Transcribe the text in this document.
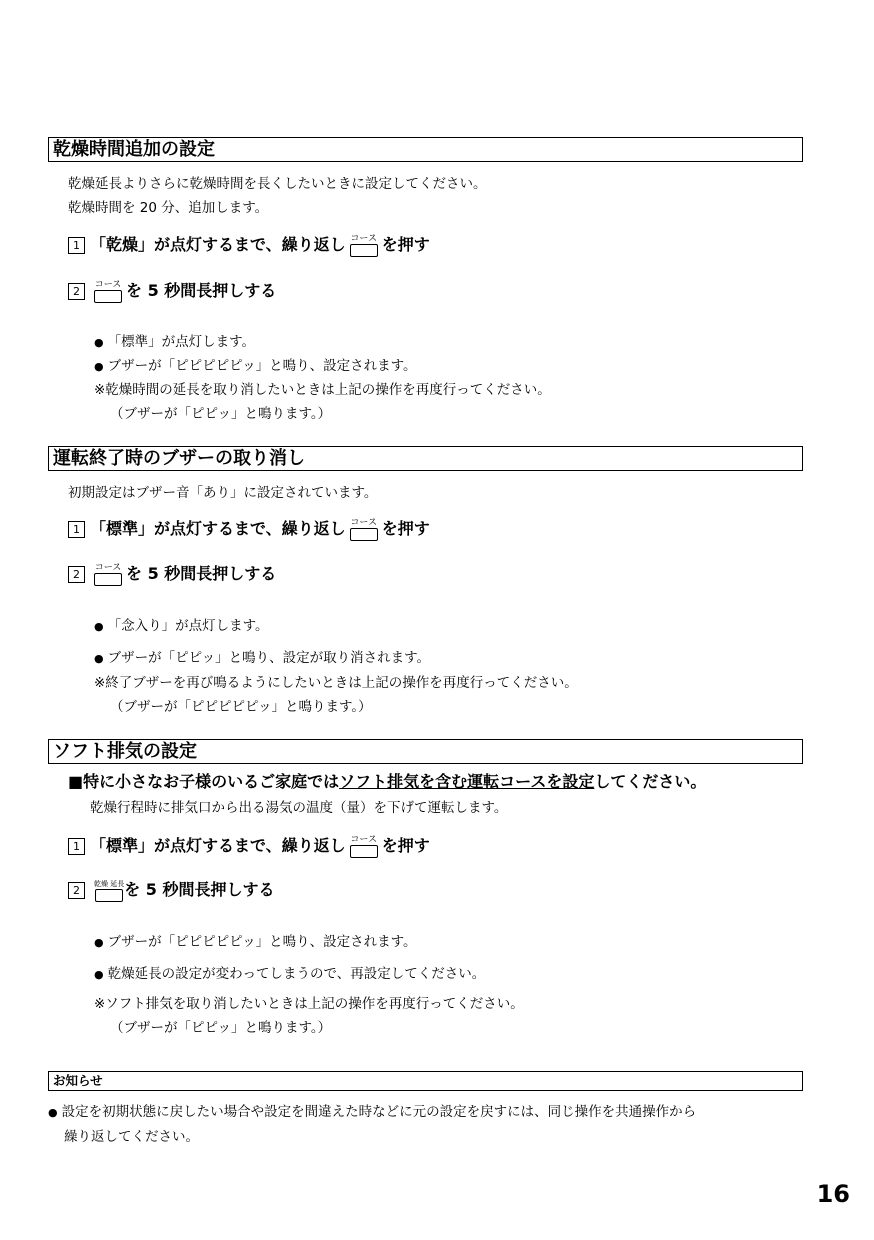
乾燥時間追加の設定
乾燥延長よりさらに乾燥時間を長くしたいときに設定してください。
乾燥時間を 20 分、追加します。
1 「乾燥」が点灯するまで、繰り返し コース を押す
2	コース を 5 秒間長押しする
● 「標準」が点灯します。
● ブザーが「ピピピピピッ」と鳴り、設定されます。
※乾燥時間の延長を取り消したいときは上記の操作を再度行ってください。
（ブザーが「ピピッ」と鳴ります。）
運転終了時のブザーの取り消し
初期設定はブザー音「あり」に設定されています。
1 「標準」が点灯するまで、繰り返し コース を押す
2	コース を 5 秒間長押しする
● 「念入り」が点灯します。
● ブザーが「ピピッ」と鳴り、設定が取り消されます。
※終了ブザーを再び鳴るようにしたいときは上記の操作を再度行ってください。
（ブザーが「ピピピピピッ」と鳴ります。）
ソフト排気の設定
■特に小さなお子様のいるご家庭ではソフト排気を含む運転コースを設定してください。
乾燥行程時に排気口から出る湯気の温度（量）を下げて運転します。
1 「標準」が点灯するまで、繰り返し コース を押す
2	乾燥 延長 を 5 秒間長押しする
● ブザーが「ピピピピピッ」と鳴り、設定されます。
● 乾燥延長の設定が変わってしまうので、再設定してください。
※ソフト排気を取り消したいときは上記の操作を再度行ってください。
（ブザーが「ピピッ」と鳴ります。）
お知らせ
● 設定を初期状態に戻したい場合や設定を間違えた時などに元の設定を戻すには、同じ操作を共通操作から
繰り返してください。
16
